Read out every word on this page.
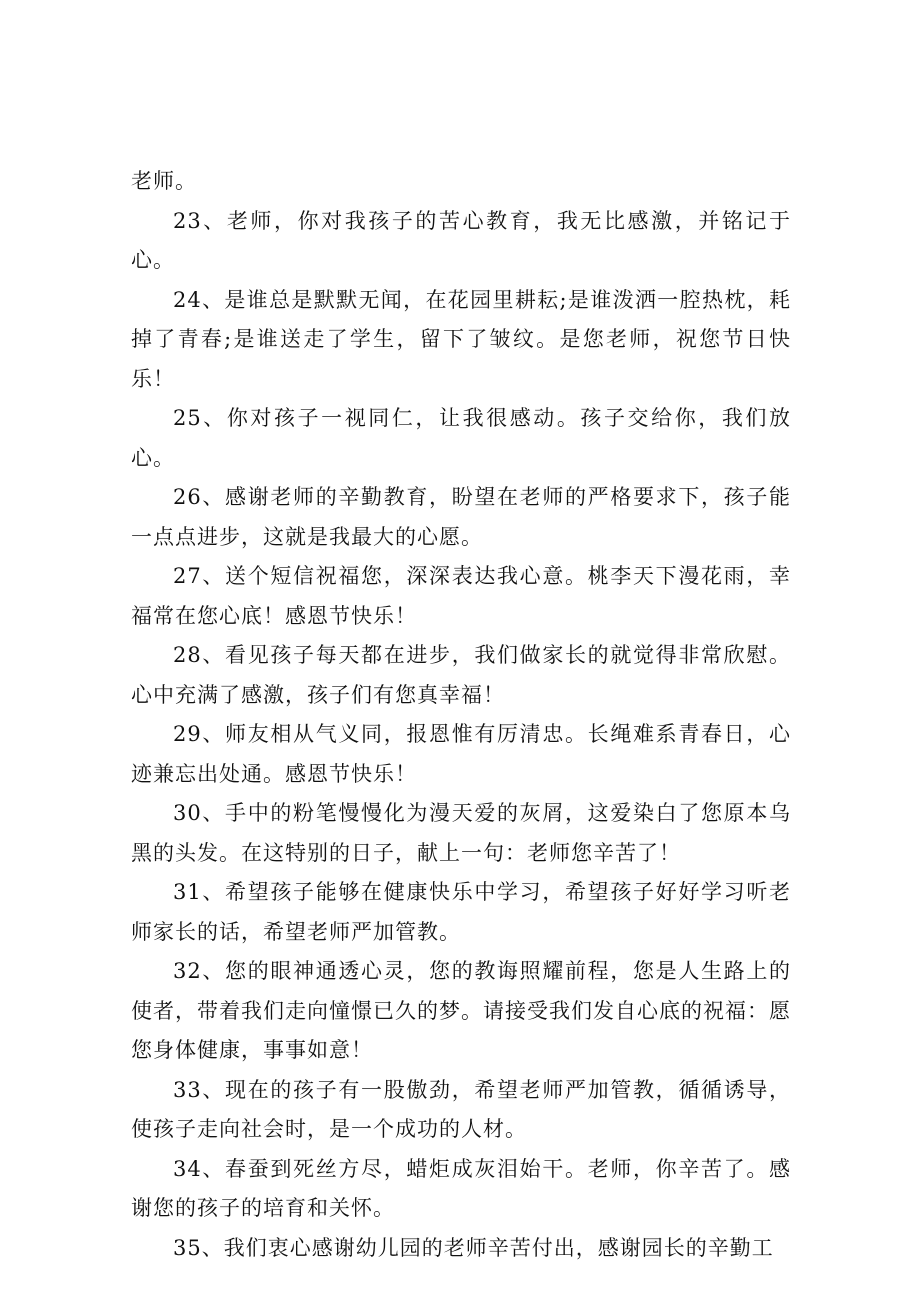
老师。

23、老师，你对我孩子的苦心教育，我无比感激，并铭记于心。

24、是谁总是默默无闻，在花园里耕耘;是谁泼洒一腔热枕，耗掉了青春;是谁送走了学生，留下了皱纹。是您老师，祝您节日快乐！

25、你对孩子一视同仁，让我很感动。孩子交给你，我们放心。

26、感谢老师的辛勤教育，盼望在老师的严格要求下，孩子能一点点进步，这就是我最大的心愿。

27、送个短信祝福您，深深表达我心意。桃李天下漫花雨，幸福常在您心底！感恩节快乐！

28、看见孩子每天都在进步，我们做家长的就觉得非常欣慰。心中充满了感激，孩子们有您真幸福！

29、师友相从气义同，报恩惟有厉清忠。长绳难系青春日，心迹兼忘出处通。感恩节快乐！

30、手中的粉笔慢慢化为漫天爱的灰屑，这爱染白了您原本乌黑的头发。在这特别的日子，献上一句：老师您辛苦了！

31、希望孩子能够在健康快乐中学习，希望孩子好好学习听老师家长的话，希望老师严加管教。

32、您的眼神通透心灵，您的教诲照耀前程，您是人生路上的使者，带着我们走向憧憬已久的梦。请接受我们发自心底的祝福：愿您身体健康，事事如意！

33、现在的孩子有一股傲劲，希望老师严加管教，循循诱导，使孩子走向社会时，是一个成功的人材。

34、春蚕到死丝方尽，蜡炬成灰泪始干。老师，你辛苦了。感谢您的孩子的培育和关怀。

35、我们衷心感谢幼儿园的老师辛苦付出，感谢园长的辛勤工
